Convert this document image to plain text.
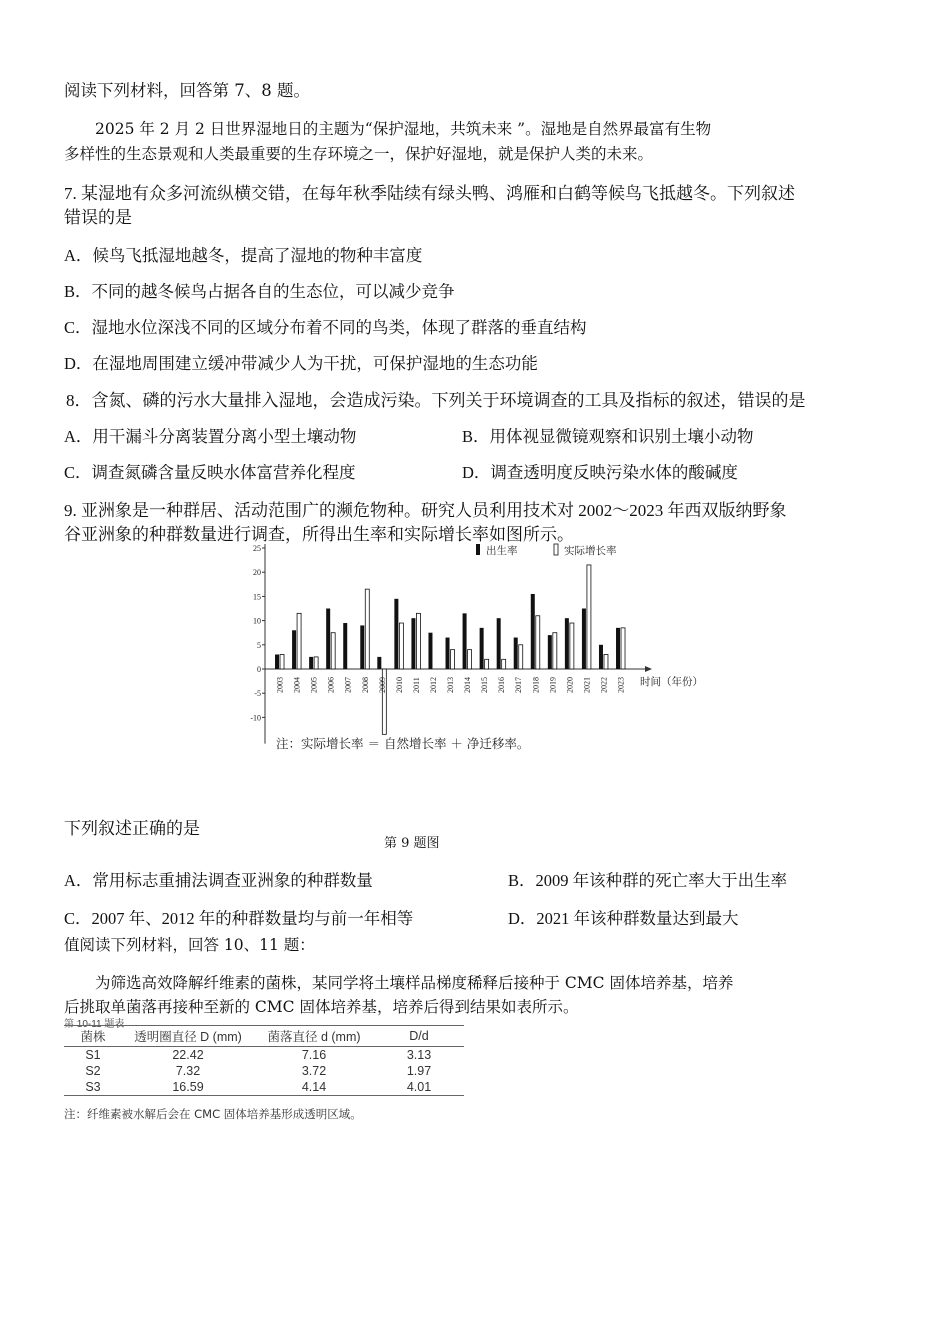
阅读下列材料，回答第 7、8 题。
　　2025 年 2 月 2 日世界湿地日的主题为“保护湿地，共筑未来 ”。湿地是自然界最富有生物
多样性的生态景观和人类最重要的生存环境之一，保护好湿地，就是保护人类的未来。
7. 某湿地有众多河流纵横交错，在每年秋季陆续有绿头鸭、鸿雁和白鹤等候鸟飞抵越冬。下列叙述
错误的是
A．候鸟飞抵湿地越冬，提高了湿地的物种丰富度
B．不同的越冬候鸟占据各自的生态位，可以减少竞争
C．湿地水位深浅不同的区域分布着不同的鸟类，体现了群落的垂直结构
D．在湿地周围建立缓冲带减少人为干扰，可保护湿地的生态功能
8．含氮、磷的污水大量排入湿地，会造成污染。下列关于环境调查的工具及指标的叙述，错误的是
A．用干漏斗分离装置分离小型土壤动物	B．用体视显微镜观察和识别土壤小动物
C．调查氮磷含量反映水体富营养化程度	D．调查透明度反映污染水体的酸碱度
9. 亚洲象是一种群居、活动范围广的濒危物种。研究人员利用技术对 2002～2023 年西双版纳野象
谷亚洲象的种群数量进行调查，所得出生率和实际增长率如图所示。
25
20
15
10
5
0
-5
-10
2003 2004 2005 2006 2007 2008 2009 2010 2011 2012 2013 2014 2015 2016 2017 2018 2019 2020 2021 2022 2023 时间（年份）
出生率	实际增长率
注：实际增长率 ＝ 自然增长率 ＋ 净迁移率。
下列叙述正确的是
第 9 题图
A．常用标志重捕法调查亚洲象的种群数量	B．2009 年该种群的死亡率大于出生率
C．2007 年、2012 年的种群数量均与前一年相等	D．2021 年该种群数量达到最大
值阅读下列材料，回答 10、11 题：
　　为筛选高效降解纤维素的菌株，某同学将土壤样品梯度稀释后接种于 CMC 固体培养基，培养
后挑取单菌落再接种至新的 CMC 固体培养基，培养后得到结果如表所示。
第 10-11 题表
菌株	透明圈直径 D (mm)	菌落直径 d (mm)	D/d
S1	22.42	7.16	3.13
S2	7.32	3.72	1.97
S3	16.59	4.14	4.01
注：纤维素被水解后会在 CMC 固体培养基形成透明区域。
